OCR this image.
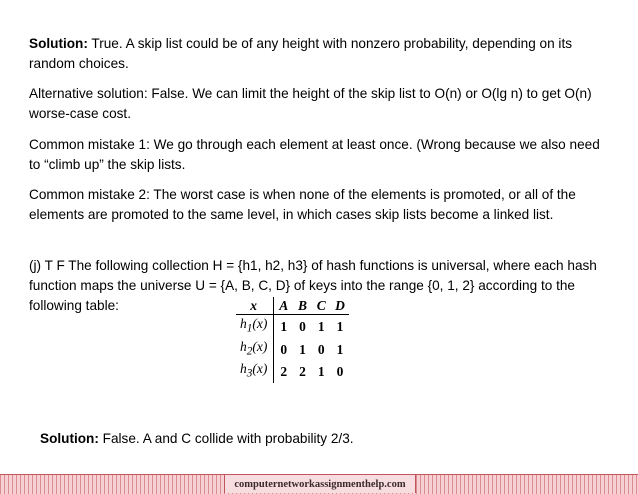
Solution: True. A skip list could be of any height with nonzero probability, depending on its random choices.

Alternative solution: False. We can limit the height of the skip list to O(n) or O(lg n) to get O(n) worse-case cost.

Common mistake 1: We go through each element at least once. (Wrong because we also need to “climb up” the skip lists.

Common mistake 2: The worst case is when none of the elements is promoted, or all of the elements are promoted to the same level, in which cases skip lists become a linked list.

(j) T F The following collection H = {h1, h2, h3} of hash functions is universal, where each hash function maps the universe U = {A, B, C, D} of keys into the range {0, 1, 2} according to the following table:	x	A	B	C	D
$h_1(x)$	1	0	1	1
$h_2(x)$	0	1	0	1
$h_3(x)$	2	2	1	0

Solution: False. A and C collide with probability 2/3.

computernetworkassignmenthelp.com
